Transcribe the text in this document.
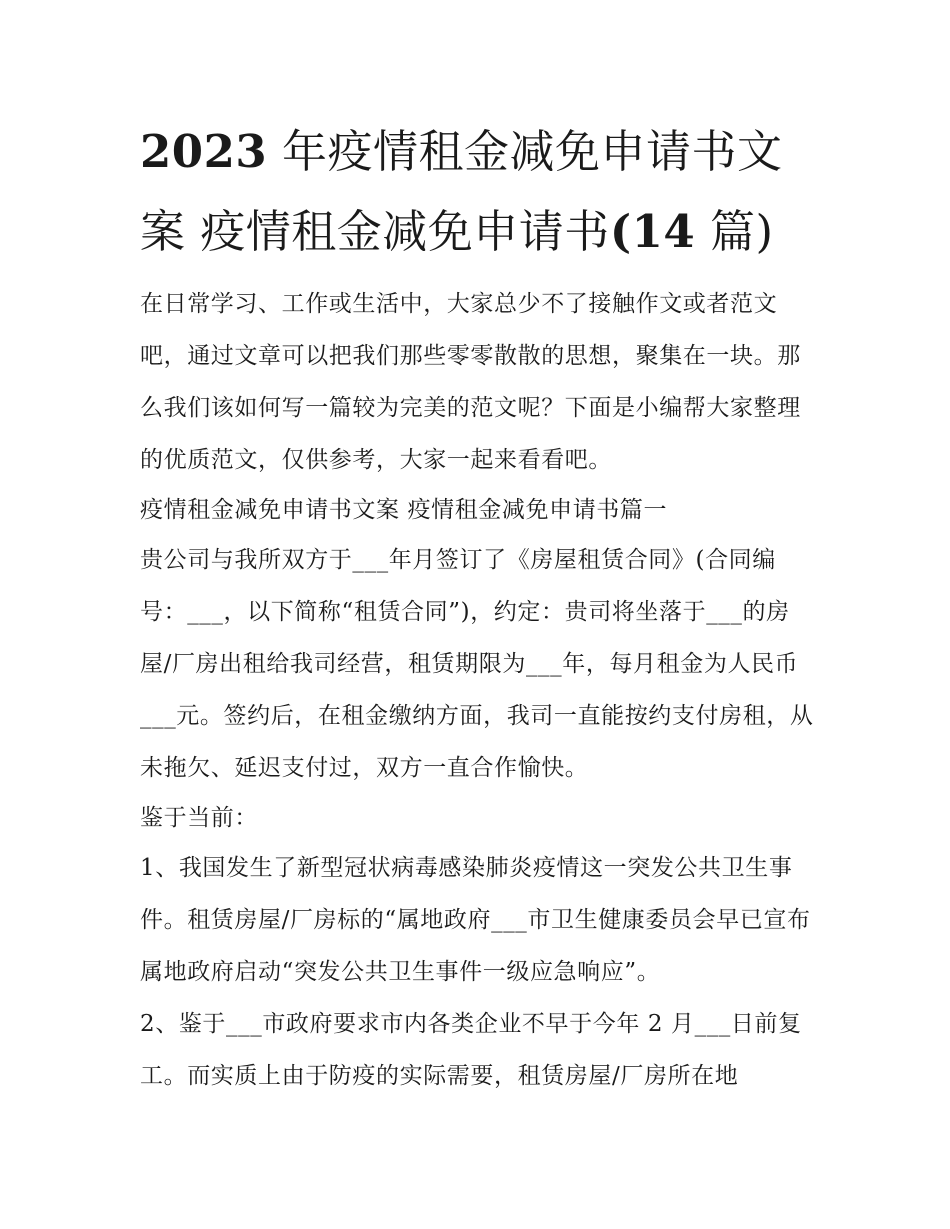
2023 年疫情租金减免申请书文
案 疫情租金减免申请书(14 篇)

在日常学习、工作或生活中，大家总少不了接触作文或者范文吧，通过文章可以把我们那些零零散散的思想，聚集在一块。那么我们该如何写一篇较为完美的范文呢？下面是小编帮大家整理的优质范文，仅供参考，大家一起来看看吧。

疫情租金减免申请书文案 疫情租金减免申请书篇一

贵公司与我所双方于___年月签订了《房屋租赁合同》(合同编号：___，以下简称“租赁合同”)，约定：贵司将坐落于___的房屋/厂房出租给我司经营，租赁期限为___年，每月租金为人民币___元。签约后，在租金缴纳方面，我司一直能按约支付房租，从未拖欠、延迟支付过，双方一直合作愉快。

鉴于当前：

1、我国发生了新型冠状病毒感染肺炎疫情这一突发公共卫生事件。租赁房屋/厂房标的“属地政府___市卫生健康委员会早已宣布属地政府启动“突发公共卫生事件一级应急响应”。

2、鉴于___市政府要求市内各类企业不早于今年 2 月___日前复工。而实质上由于防疫的实际需要，租赁房屋/厂房所在地
